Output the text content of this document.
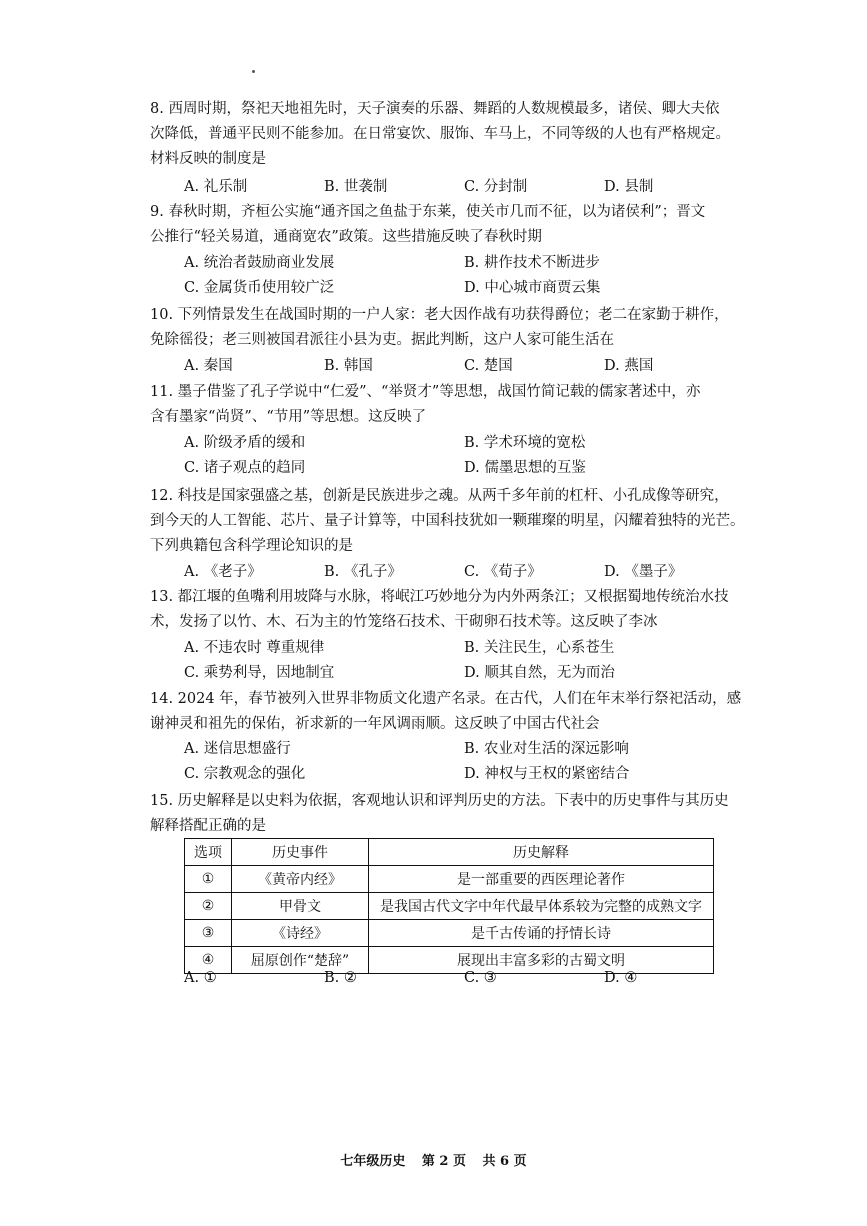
8. 西周时期，祭祀天地祖先时，天子演奏的乐器、舞蹈的人数规模最多，诸侯、卿大夫依
次降低，普通平民则不能参加。在日常宴饮、服饰、车马上，不同等级的人也有严格规定。
材料反映的制度是
A. 礼乐制	B. 世袭制	C. 分封制	D. 县制
9. 春秋时期，齐桓公实施“通齐国之鱼盐于东莱，使关市几而不征，以为诸侯利”；晋文
公推行“轻关易道，通商宽农”政策。这些措施反映了春秋时期
A. 统治者鼓励商业发展	B. 耕作技术不断进步
C. 金属货币使用较广泛	D. 中心城市商贾云集
10. 下列情景发生在战国时期的一户人家：老大因作战有功获得爵位；老二在家勤于耕作，
免除徭役；老三则被国君派往小县为吏。据此判断，这户人家可能生活在
A. 秦国	B. 韩国	C. 楚国	D. 燕国
11. 墨子借鉴了孔子学说中“仁爱”、“举贤才”等思想，战国竹简记载的儒家著述中，亦
含有墨家“尚贤”、“节用”等思想。这反映了
A. 阶级矛盾的缓和	B. 学术环境的宽松
C. 诸子观点的趋同	D. 儒墨思想的互鉴
12. 科技是国家强盛之基，创新是民族进步之魂。从两千多年前的杠杆、小孔成像等研究，
到今天的人工智能、芯片、量子计算等，中国科技犹如一颗璀璨的明星，闪耀着独特的光芒。
下列典籍包含科学理论知识的是
A. 《老子》	B. 《孔子》	C. 《荀子》	D. 《墨子》
13. 都江堰的鱼嘴利用坡降与水脉，将岷江巧妙地分为内外两条江；又根据蜀地传统治水技
术，发扬了以竹、木、石为主的竹笼络石技术、干砌卵石技术等。这反映了李冰
A. 不违农时 尊重规律	B. 关注民生，心系苍生
C. 乘势利导，因地制宜	D. 顺其自然，无为而治
14. 2024 年，春节被列入世界非物质文化遗产名录。在古代，人们在年末举行祭祀活动，感
谢神灵和祖先的保佑，祈求新的一年风调雨顺。这反映了中国古代社会
A. 迷信思想盛行	B. 农业对生活的深远影响
C. 宗教观念的强化	D. 神权与王权的紧密结合
15. 历史解释是以史料为依据，客观地认识和评判历史的方法。下表中的历史事件与其历史
解释搭配正确的是
选项	历史事件	历史解释
①	《黄帝内经》	是一部重要的西医理论著作
②	甲骨文	是我国古代文字中年代最早体系较为完整的成熟文字
③	《诗经》	是千古传诵的抒情长诗
④	屈原创作“楚辞”	展现出丰富多彩的古蜀文明
A. ①	B. ②	C. ③	D. ④
七年级历史 第 2 页 共 6 页
